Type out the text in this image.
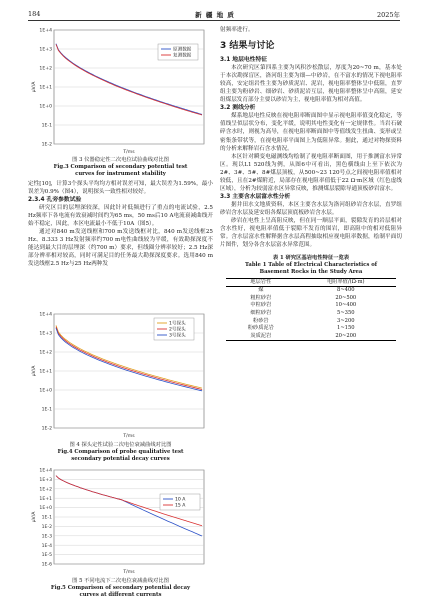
184	新 疆 地 质	2025年
1E+4
1E+3
1E+2
1E+1
1E+0
1E-1
1E-2
μV/A
T/ms
原测数据
复测数据
图 3 仪器稳定性二次电位试验曲线对比图
Fig.3 Comparison of secondary potential test
curves for instrument stability

定性[10]，计算3个探头平均均方相对误差可知，最大误差为1.59%，最小误差为0.9%（图4），说明探头一致性相对较好。

2.3.4 孔旁参数试验

研究区目的层埋深较深，因此针对低频进行了重点的电流试验，2.5 Hz频率下各电流有效衰减时间约为65 ms，50 ms后10 A电流衰减曲线开始不稳定，因此，本区电流最小不低于10A（图5）。

通过对840 m发送线框和700 m发送线框对比，840 m发送线框25 Hz、8.333 3 Hz发射频率约700 m电性曲线较为平缓，有效勘探深度不能达到最大目的层埋深（约700 m）要求，但线圈分辨率较好；2.5 Hz深部分辨率相对较高，同时可满足目的任务最大勘探深度要求。选用840 m发送线框2.5 Hz与25 Hz两种发

1E+4
1E+3
1E+2
1E+1
1E+0
1E-1
1E-2
μV/A
T/ms
1号探头
2号探头
3号探头
图 4 探头定性试验二次电位衰减曲线对比图
Fig.4 Comparison of probe qualitative test
secondary potential decay curves
1E+4
1E+3
1E+2
1E+1
1E+0
1E-1
1E-2
1E-3
1E-4
1E-5
1E-6
μV/A
T/ms
10 A
15 A
图 5 不同电流下二次电位衰减曲线对比图
Fig.5 Comparison of secondary potential decay
curves at different currents

射频率进行。

3 结果与讨论
3.1 地层电性特征

本次研究区第四系主要为风积沙松散层，厚度为20~70 m，基本处于本次勘探盲区，洛河组主要为细—中砂岩，在不富水的情况下视电阻率较高，安定组岩性主要为砂质泥岩、泥岩，视电阻率整体呈中低阻，直罗组主要为粉砂岩、细砂岩、砂质泥岩互层，视电阻率整体呈中高阻，延安组煤层发育部分主要以砂岩为主，视电阻率值为相对高值。

3.2 测线分析

煤系地层电性反映在视电阻率断面图中显示视电阻率值变化稳定，等值线呈似层状分布，变化平缓，说明其电性变化有一定规律性。当岩石破碎含水时，则视为高导，在视电阻率断面图中等值线发生扭曲、变形或呈密集条带状等，在视电阻率平面图上为低阻异常。据此，通过对物探资料的分析来解释岩石含水情况。

本区针对瞬变电磁测线均绘制了视电阻率断面图，用于推测富水异常区。现以L1 520线为例，从图6中可看出，黑色横线由上至下依次为2#、3#、5#、8#煤层顶板，从500~23 120号点之间视电阻率值相对较低，且在2#煤附近，局部存在视电阻率值低于22 Ω·m区域（红色虚线区域），分析为较弱富水区异常反映，推测煤层裂隙导通顶板砂岩富水。

3.3 主要含水层富水性分析

据井田水文地质资料，本区主要含水层为洛河组砂岩含水层，直罗组砂岩含水层及延安组各煤层顶底板砂岩含水层。

砂岩在电性上呈高阻反映，但在同一顺层平面，裂隙发育的岩层相对含水性好，视电阻率值低于裂隙不发育的围岩，即高阻中的相对低阻异常。含水层富水性解释据含水层高程抽取相应视电阻率数据，绘制平面切片图件，划分各含水层富水异常范围。

表 1 研究区基岩电性特征一览表
Table 1 Table of Electrical Characteristics of
Basement Rocks in the Study Area
地层岩性	电阻率值/(Ω·m)
煤	8~400
粗粒砂岩	20~500
中粒砂岩	10~400
细粒砂岩	5~350
粉砂岩	3~200
粉砂质泥岩	1~150
炭质泥岩	20~200
